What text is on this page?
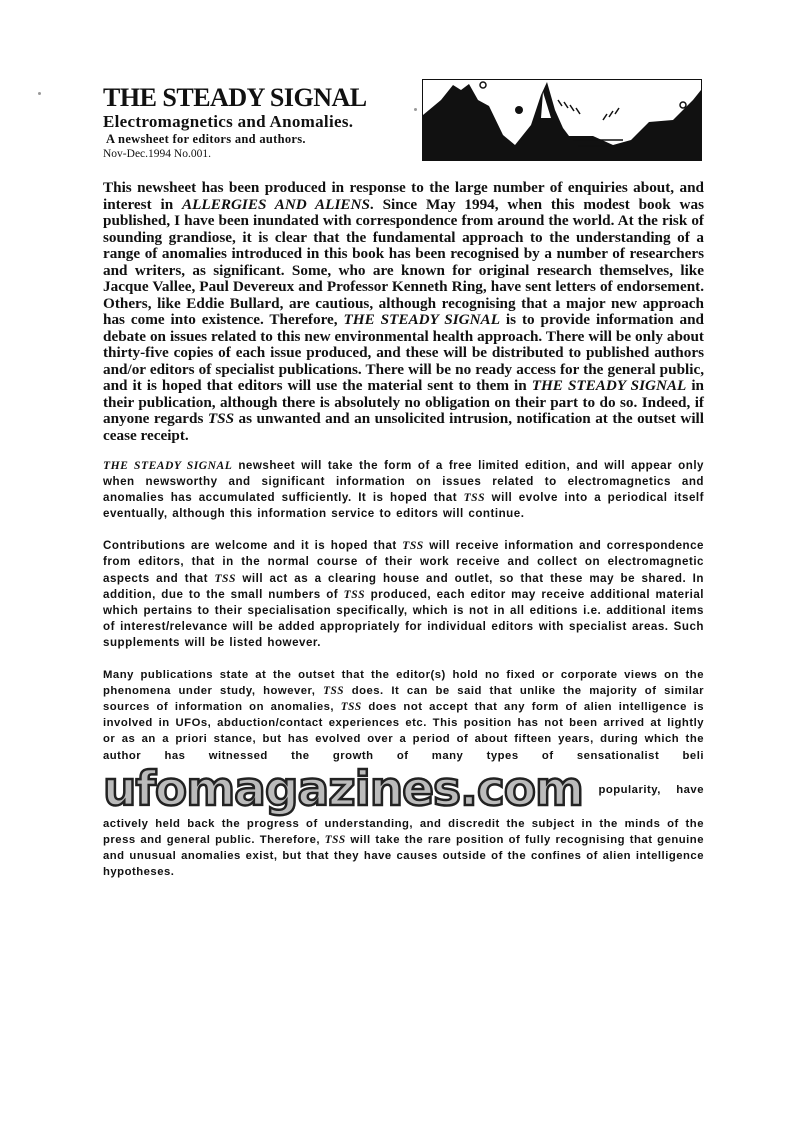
THE STEADY SIGNAL
Electromagnetics and Anomalies.
A newsheet for editors and authors.
Nov-Dec.1994 No.001.
This newsheet has been produced in response to the large number of enquiries about, and interest in ALLERGIES AND ALIENS. Since May 1994, when this modest book was published, I have been inundated with correspondence from around the world. At the risk of sounding grandiose, it is clear that the fundamental approach to the understanding of a range of anomalies introduced in this book has been recognised by a number of researchers and writers, as significant. Some, who are known for original research themselves, like Jacque Vallee, Paul Devereux and Professor Kenneth Ring, have sent letters of endorsement. Others, like Eddie Bullard, are cautious, although recognising that a major new approach has come into existence. Therefore, THE STEADY SIGNAL is to provide information and debate on issues related to this new environmental health approach. There will be only about thirty-five copies of each issue produced, and these will be distributed to published authors and/or editors of specialist publications. There will be no ready access for the general public, and it is hoped that editors will use the material sent to them in THE STEADY SIGNAL in their publication, although there is absolutely no obligation on their part to do so. Indeed, if anyone regards TSS as unwanted and an unsolicited intrusion, notification at the outset will cease receipt.
THE STEADY SIGNAL newsheet will take the form of a free limited edition, and will appear only when newsworthy and significant information on issues related to electromagnetics and anomalies has accumulated sufficiently. It is hoped that TSS will evolve into a periodical itself eventually, although this information service to editors will continue.
Contributions are welcome and it is hoped that TSS will receive information and correspondence from editors, that in the normal course of their work receive and collect on electromagnetic aspects and that TSS will act as a clearing house and outlet, so that these may be shared. In addition, due to the small numbers of TSS produced, each editor may receive additional material which pertains to their specialisation specifically, which is not in all editions i.e. additional items of interest/relevance will be added appropriately for individual editors with specialist areas. Such supplements will be listed however.
Many publications state at the outset that the editor(s) hold no fixed or corporate views on the phenomena under study, however, TSS does. It can be said that unlike the majority of similar sources of information on anomalies, TSS does not accept that any form of alien intelligence is involved in UFOs, abduction/contact experiences etc. This position has not been arrived at lightly or as an a priori stance, but has evolved over a period of about fifteen years, during which the author has witnessed the growth of many types of sensationalist beli ufomagazines.com popularity, have actively held back the progress of understanding, and discredit the subject in the minds of the press and general public. Therefore, TSS will take the rare position of fully recognising that genuine and unusual anomalies exist, but that they have causes outside of the confines of alien intelligence hypotheses.
